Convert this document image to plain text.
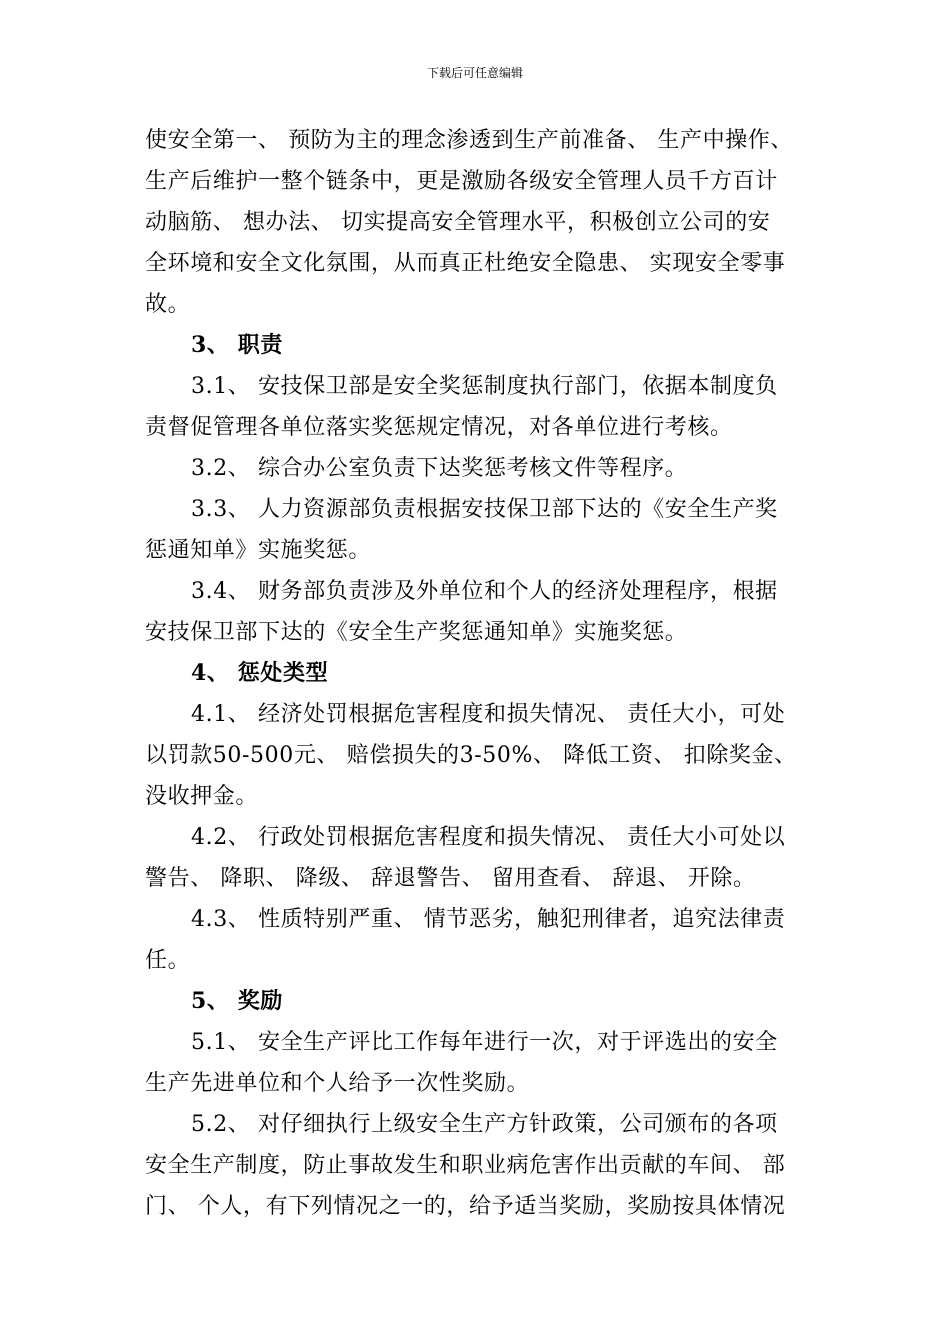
下载后可任意编辑
使安全第一、 预防为主的理念渗透到生产前准备、 生产中操作、
生产后维护一整个链条中，更是激励各级安全管理人员千方百计
动脑筋、 想办法、 切实提高安全管理水平，积极创立公司的安
全环境和安全文化氛围，从而真正杜绝安全隐患、 实现安全零事
故。
3、 职责
3.1、 安技保卫部是安全奖惩制度执行部门，依据本制度负
责督促管理各单位落实奖惩规定情况，对各单位进行考核。
3.2、 综合办公室负责下达奖惩考核文件等程序。
3.3、 人力资源部负责根据安技保卫部下达的《安全生产奖
惩通知单》实施奖惩。
3.4、 财务部负责涉及外单位和个人的经济处理程序，根据
安技保卫部下达的《安全生产奖惩通知单》实施奖惩。
4、 惩处类型
4.1、 经济处罚根据危害程度和损失情况、 责任大小，可处
以罚款50-500元、 赔偿损失的3-50%、 降低工资、 扣除奖金、
没收押金。
4.2、 行政处罚根据危害程度和损失情况、 责任大小可处以
警告、 降职、 降级、 辞退警告、 留用查看、 辞退、 开除。
4.3、 性质特别严重、 情节恶劣，触犯刑律者，追究法律责
任。
5、 奖励
5.1、 安全生产评比工作每年进行一次，对于评选出的安全
生产先进单位和个人给予一次性奖励。
5.2、 对仔细执行上级安全生产方针政策，公司颁布的各项
安全生产制度，防止事故发生和职业病危害作出贡献的车间、 部
门、 个人，有下列情况之一的，给予适当奖励，奖励按具体情况
